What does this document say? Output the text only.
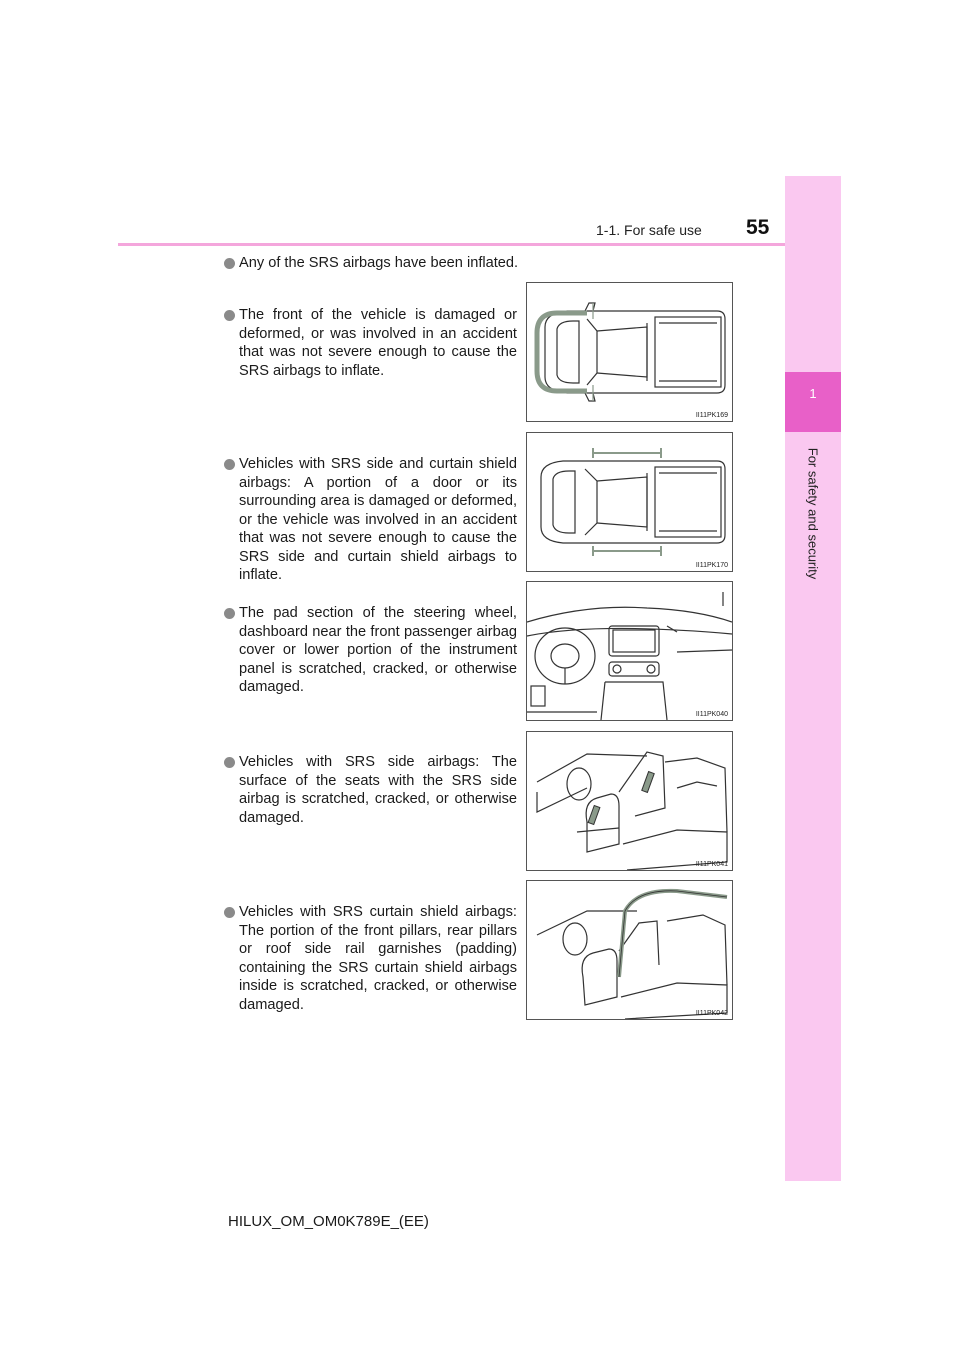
1
For safety and security
1-1. For safe use 55
Any of the SRS airbags have been inflated.
The front of the vehicle is damaged or deformed, or was involved in an accident that was not severe enough to cause the SRS airbags to inflate.
Vehicles with SRS side and curtain shield airbags: A portion of a door or its surrounding area is damaged or deformed, or the vehicle was involved in an accident that was not severe enough to cause the SRS side and curtain shield airbags to inflate.
The pad section of the steering wheel, dashboard near the front passenger airbag cover or lower portion of the instrument panel is scratched, cracked, or otherwise damaged.
Vehicles with SRS side airbags: The surface of the seats with the SRS side airbag is scratched, cracked, or otherwise damaged.
Vehicles with SRS curtain shield airbags: The portion of the front pillars, rear pillars or roof side rail garnishes (padding) containing the SRS curtain shield airbags inside is scratched, cracked, or otherwise damaged.
II11PK169
II11PK170
II11PK040
II11PK041
II11PK042
HILUX_OM_OM0K789E_(EE)
